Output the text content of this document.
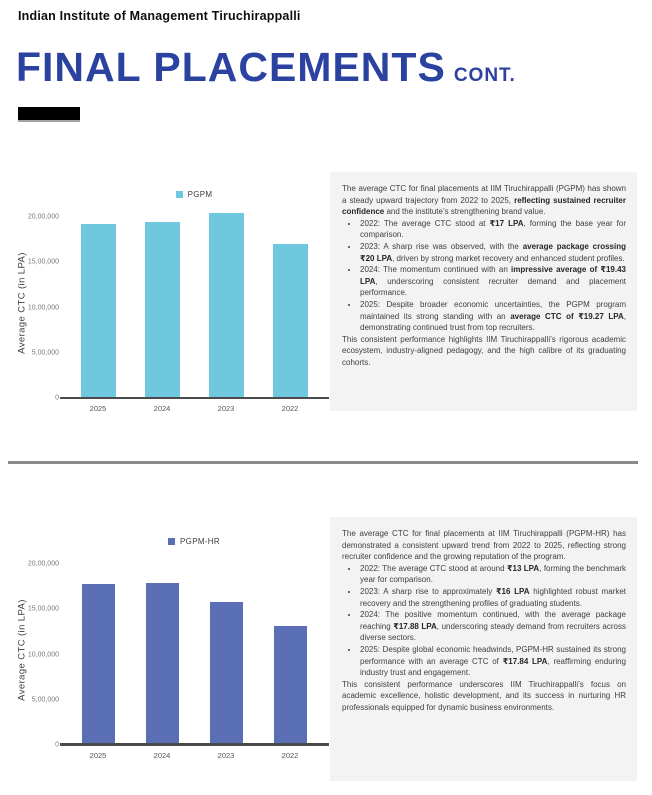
Indian Institute of Management Tiruchirappalli
FINAL PLACEMENTS CONT.
PGPM
Average CTC (in LPA)
0
5,00,000
10,00,000
15,00,000
20,00,000
2025	2024	2023	2022

The average CTC for final placements at IIM Tiruchirappalli (PGPM) has shown a steady upward trajectory from 2022 to 2025, reflecting sustained recruiter confidence and the institute’s strengthening brand value.

• 2022: The average CTC stood at ₹17 LPA, forming the base year for comparison.
• 2023: A sharp rise was observed, with the average package crossing ₹20 LPA, driven by strong market recovery and enhanced student profiles.
• 2024: The momentum continued with an impressive average of ₹19.43 LPA, underscoring consistent recruiter demand and placement performance.
• 2025: Despite broader economic uncertainties, the PGPM program maintained its strong standing with an average CTC of ₹19.27 LPA, demonstrating continued trust from top recruiters.

This consistent performance highlights IIM Tiruchirappalli’s rigorous academic ecosystem, industry-aligned pedagogy, and the high calibre of its graduating cohorts.

PGPM-HR
Average CTC (in LPA)
0
5,00,000
10,00,000
15,00,000
20,00,000
2025	2024	2023	2022

The average CTC for final placements at IIM Tiruchirappalli (PGPM-HR) has demonstrated a consistent upward trend from 2022 to 2025, reflecting strong recruiter confidence and the growing reputation of the program.

• 2022: The average CTC stood at around ₹13 LPA, forming the benchmark year for comparison.
• 2023: A sharp rise to approximately ₹16 LPA highlighted robust market recovery and the strengthening profiles of graduating students.
• 2024: The positive momentum continued, with the average package reaching ₹17.88 LPA, underscoring steady demand from recruiters across diverse sectors.
• 2025: Despite global economic headwinds, PGPM-HR sustained its strong performance with an average CTC of ₹17.84 LPA, reaffirming enduring industry trust and engagement.

This consistent performance underscores IIM Tiruchirappalli’s focus on academic excellence, holistic development, and its success in nurturing HR professionals equipped for dynamic business environments.
